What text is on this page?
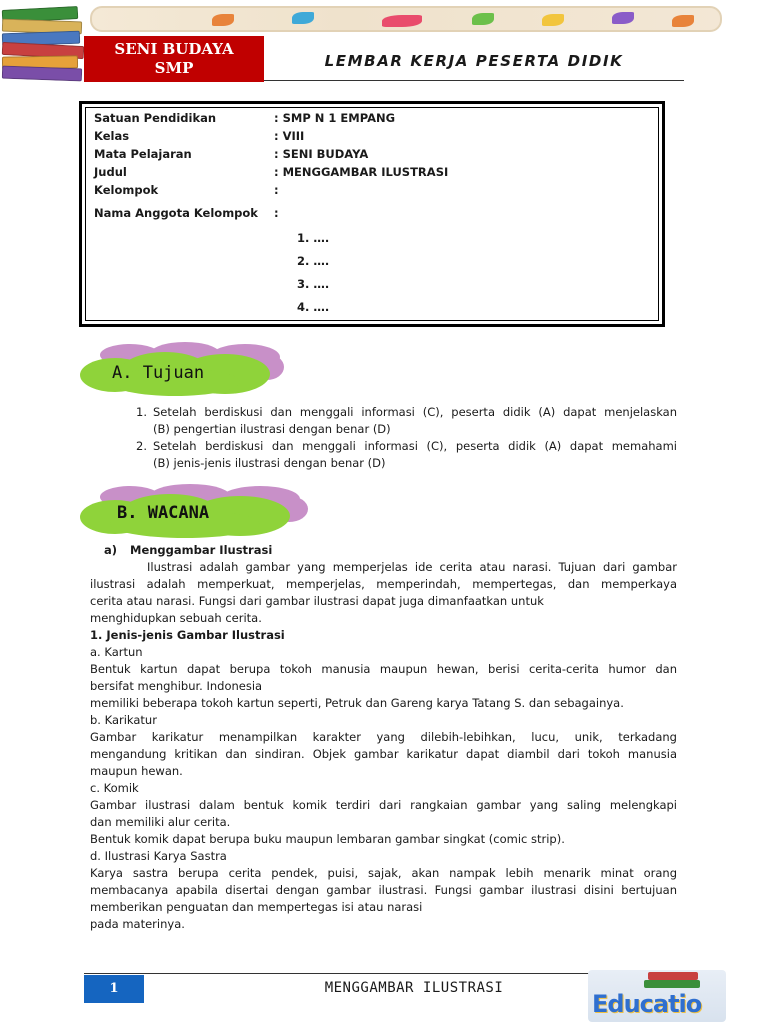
SENI BUDAYA
SMP	LEMBAR KERJA PESERTA DIDIK
Satuan Pendidikan	: SMP N 1 EMPANG
Kelas	: VIII
Mata Pelajaran	: SENI BUDAYA
Judul	: MENGGAMBAR ILUSTRASI
Kelompok	:
Nama Anggota Kelompok :
1. ….
2. ….
3. ….
4. ….
A. Tujuan
1. Setelah berdiskusi dan menggali informasi (C), peserta didik (A) dapat menjelaskan
(B) pengertian ilustrasi dengan benar (D)
2. Setelah berdiskusi dan menggali informasi (C), peserta didik (A) dapat memahami
(B) jenis-jenis ilustrasi dengan benar (D)
B. WACANA
a) Menggambar Ilustrasi
Ilustrasi adalah gambar yang memperjelas ide cerita atau narasi. Tujuan dari gambar
ilustrasi adalah memperkuat, memperjelas, memperindah, mempertegas, dan memperkaya
cerita atau narasi. Fungsi dari gambar ilustrasi dapat juga dimanfaatkan untuk
menghidupkan sebuah cerita.
1. Jenis-jenis Gambar Ilustrasi
a. Kartun
Bentuk kartun dapat berupa tokoh manusia maupun hewan, berisi cerita-cerita humor dan
bersifat menghibur. Indonesia
memiliki beberapa tokoh kartun seperti, Petruk dan Gareng karya Tatang S. dan sebagainya.
b. Karikatur
Gambar karikatur menampilkan karakter yang dilebih-lebihkan, lucu, unik, terkadang
mengandung kritikan dan sindiran. Objek gambar karikatur dapat diambil dari tokoh manusia
maupun hewan.
c. Komik
Gambar ilustrasi dalam bentuk komik terdiri dari rangkaian gambar yang saling melengkapi
dan memiliki alur cerita.
Bentuk komik dapat berupa buku maupun lembaran gambar singkat (comic strip).
d. Ilustrasi Karya Sastra
Karya sastra berupa cerita pendek, puisi, sajak, akan nampak lebih menarik minat orang
membacanya apabila disertai dengan gambar ilustrasi. Fungsi gambar ilustrasi disini bertujuan
memberikan penguatan dan mempertegas isi atau narasi
pada materinya.
1	MENGGAMBAR ILUSTRASI
Educatio
